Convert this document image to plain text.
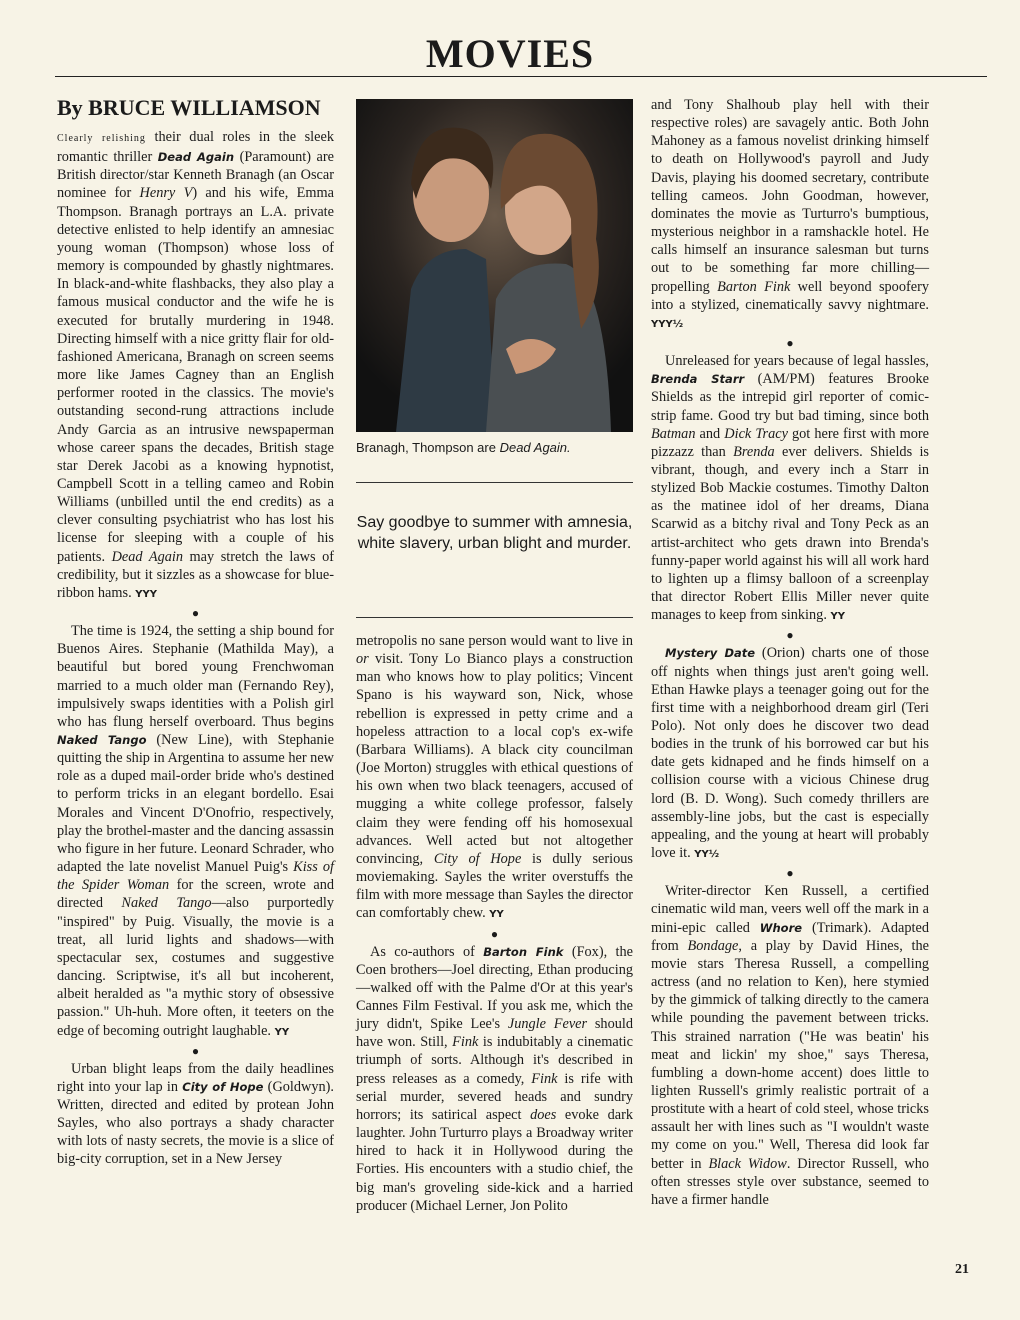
MOVIES
By BRUCE WILLIAMSON

Clearly relishing their dual roles in the sleek romantic thriller Dead Again (Paramount) are British director/star Kenneth Branagh (an Oscar nominee for Henry V) and his wife, Emma Thompson. Branagh portrays an L.A. private detective enlisted to help identify an amnesiac young woman (Thompson) whose loss of memory is compounded by ghastly nightmares. In black-and-white flashbacks, they also play a famous musical conductor and the wife he is executed for brutally murdering in 1948. Directing himself with a nice gritty flair for old-fashioned Americana, Branagh on screen seems more like James Cagney than an English performer rooted in the classics. The movie's outstanding second-rung attractions include Andy Garcia as an intrusive newspaperman whose career spans the decades, British stage star Derek Jacobi as a knowing hypnotist, Campbell Scott in a telling cameo and Robin Williams (unbilled until the end credits) as a clever consulting psychiatrist who has lost his license for sleeping with a couple of his patients. Dead Again may stretch the laws of credibility, but it sizzles as a showcase for blue-ribbon hams. YYY

●

The time is 1924, the setting a ship bound for Buenos Aires. Stephanie (Mathilda May), a beautiful but bored young Frenchwoman married to a much older man (Fernando Rey), impulsively swaps identities with a Polish girl who has flung herself overboard. Thus begins Naked Tango (New Line), with Stephanie quitting the ship in Argentina to assume her new role as a duped mail-order bride who's destined to perform tricks in an elegant bordello. Esai Morales and Vincent D'Onofrio, respectively, play the brothel-master and the dancing assassin who figure in her future. Leonard Schrader, who adapted the late novelist Manuel Puig's Kiss of the Spider Woman for the screen, wrote and directed Naked Tango—also purportedly "inspired" by Puig. Visually, the movie is a treat, all lurid lights and shadows—with spectacular sex, costumes and suggestive dancing. Scriptwise, it's all but incoherent, albeit heralded as "a mythic story of obsessive passion." Uh-huh. More often, it teeters on the edge of becoming outright laughable. YY

●

Urban blight leaps from the daily headlines right into your lap in City of Hope (Goldwyn). Written, directed and edited by protean John Sayles, who also portrays a shady character with lots of nasty secrets, the movie is a slice of big-city corruption, set in a New Jersey

Branagh, Thompson are Dead Again.
Say goodbye to summer with amnesia, white slavery, urban blight and murder.

metropolis no sane person would want to live in or visit. Tony Lo Bianco plays a construction man who knows how to play politics; Vincent Spano is his wayward son, Nick, whose rebellion is expressed in petty crime and a hopeless attraction to a local cop's ex-wife (Barbara Williams). A black city councilman (Joe Morton) struggles with ethical questions of his own when two black teenagers, accused of mugging a white college professor, falsely claim they were fending off his homosexual advances. Well acted but not altogether convincing, City of Hope is dully serious moviemaking. Sayles the writer overstuffs the film with more message than Sayles the director can comfortably chew. YY

●

As co-authors of Barton Fink (Fox), the Coen brothers—Joel directing, Ethan producing—walked off with the Palme d'Or at this year's Cannes Film Festival. If you ask me, which the jury didn't, Spike Lee's Jungle Fever should have won. Still, Fink is indubitably a cinematic triumph of sorts. Although it's described in press releases as a comedy, Fink is rife with serial murder, severed heads and sundry horrors; its satirical aspect does evoke dark laughter. John Turturro plays a Broadway writer hired to hack it in Hollywood during the Forties. His encounters with a studio chief, the big man's groveling side-kick and a harried producer (Michael Lerner, Jon Polito

and Tony Shalhoub play hell with their respective roles) are savagely antic. Both John Mahoney as a famous novelist drinking himself to death on Hollywood's payroll and Judy Davis, playing his doomed secretary, contribute telling cameos. John Goodman, however, dominates the movie as Turturro's bumptious, mysterious neighbor in a ramshackle hotel. He calls himself an insurance salesman but turns out to be something far more chilling—propelling Barton Fink well beyond spoofery into a stylized, cinematically savvy nightmare. YYY½

●

Unreleased for years because of legal hassles, Brenda Starr (AM/PM) features Brooke Shields as the intrepid girl reporter of comic-strip fame. Good try but bad timing, since both Batman and Dick Tracy got here first with more pizzazz than Brenda ever delivers. Shields is vibrant, though, and every inch a Starr in stylized Bob Mackie costumes. Timothy Dalton as the matinee idol of her dreams, Diana Scarwid as a bitchy rival and Tony Peck as an artist-architect who gets drawn into Brenda's funny-paper world against his will all work hard to lighten up a flimsy balloon of a screenplay that director Robert Ellis Miller never quite manages to keep from sinking. YY

●

Mystery Date (Orion) charts one of those off nights when things just aren't going well. Ethan Hawke plays a teenager going out for the first time with a neighborhood dream girl (Teri Polo). Not only does he discover two dead bodies in the trunk of his borrowed car but his date gets kidnaped and he finds himself on a collision course with a vicious Chinese drug lord (B. D. Wong). Such comedy thrillers are assembly-line jobs, but the cast is especially appealing, and the young at heart will probably love it. YY½

●

Writer-director Ken Russell, a certified cinematic wild man, veers well off the mark in a mini-epic called Whore (Trimark). Adapted from Bondage, a play by David Hines, the movie stars Theresa Russell, a compelling actress (and no relation to Ken), here stymied by the gimmick of talking directly to the camera while pounding the pavement between tricks. This strained narration ("He was beatin' his meat and lickin' my shoe," says Theresa, fumbling a down-home accent) does little to lighten Russell's grimly realistic portrait of a prostitute with a heart of cold steel, whose tricks assault her with lines such as "I wouldn't waste my come on you." Well, Theresa did look far better in Black Widow. Director Russell, who often stresses style over substance, seemed to have a firmer handle

21
